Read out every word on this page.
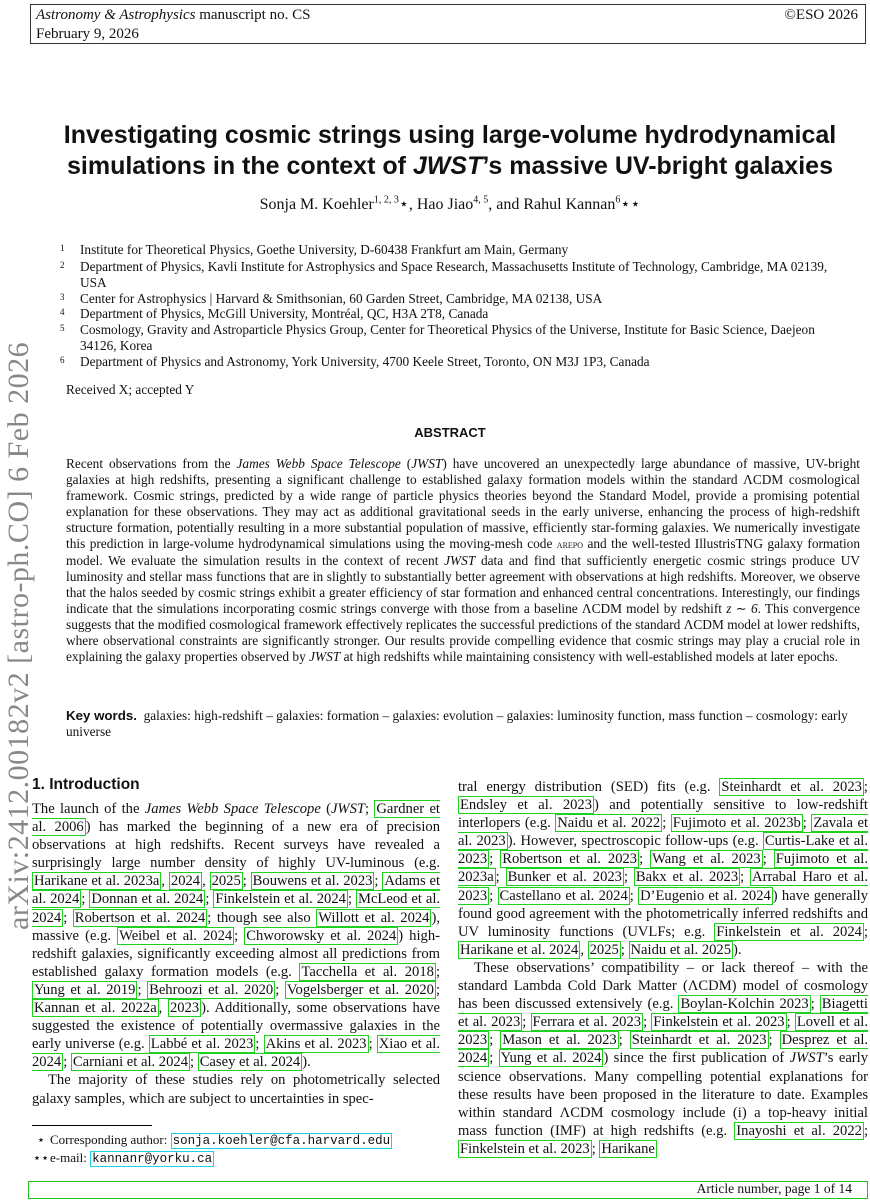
Astronomy & Astrophysics manuscript no. CS
February 9, 2026
©ESO 2026
arXiv:2412.00182v2 [astro-ph.CO] 6 Feb 2026
Investigating cosmic strings using large-volume hydrodynamical
simulations in the context of JWST’s massive UV-bright galaxies
Sonja M. Koehler$^{1, 2, 3}$⋆, Hao Jiao$^{4, 5}$, and Rahul Kannan$^6$⋆⋆
1 Institute for Theoretical Physics, Goethe University, D-60438 Frankfurt am Main, Germany
2 Department of Physics, Kavli Institute for Astrophysics and Space Research, Massachusetts Institute of Technology, Cambridge, MA 02139, USA
3 Center for Astrophysics | Harvard & Smithsonian, 60 Garden Street, Cambridge, MA 02138, USA
4 Department of Physics, McGill University, Montréal, QC, H3A 2T8, Canada
5 Cosmology, Gravity and Astroparticle Physics Group, Center for Theoretical Physics of the Universe, Institute for Basic Science, Daejeon 34126, Korea
6 Department of Physics and Astronomy, York University, 4700 Keele Street, Toronto, ON M3J 1P3, Canada
Received X; accepted Y
ABSTRACT
Recent observations from the James Webb Space Telescope (JWST) have uncovered an unexpectedly large abundance of massive, UV-bright galaxies at high redshifts, presenting a significant challenge to established galaxy formation models within the standard ΛCDM cosmological framework. Cosmic strings, predicted by a wide range of particle physics theories beyond the Standard Model, provide a promising potential explanation for these observations. They may act as additional gravitational seeds in the early universe, enhancing the process of high-redshift structure formation, potentially resulting in a more substantial population of massive, efficiently star-forming galaxies. We numerically investigate this prediction in large-volume hydrodynamical simulations using the moving-mesh code arepo and the well-tested IllustrisTNG galaxy formation model. We evaluate the simulation results in the context of recent JWST data and find that sufficiently energetic cosmic strings produce UV luminosity and stellar mass functions that are in slightly to substantially better agreement with observations at high redshifts. Moreover, we observe that the halos seeded by cosmic strings exhibit a greater efficiency of star formation and enhanced central concentrations. Interestingly, our findings indicate that the simulations incorporating cosmic strings converge with those from a baseline ΛCDM model by redshift z ∼ 6. This convergence suggests that the modified cosmological framework effectively replicates the successful predictions of the standard ΛCDM model at lower redshifts, where observational constraints are significantly stronger. Our results provide compelling evidence that cosmic strings may play a crucial role in explaining the galaxy properties observed by JWST at high redshifts while maintaining consistency with well-established models at later epochs.
Key words. galaxies: high-redshift – galaxies: formation – galaxies: evolution – galaxies: luminosity function, mass function – cosmology: early universe
1. Introduction

The launch of the James Webb Space Telescope (JWST; Gardner et al. 2006 ) has marked the beginning of a new era of precision observations at high redshifts. Recent surveys have revealed a surprisingly large number density of highly UV-luminous (e.g. Harikane et al. 2023a , 2024 , 2025 ; Bouwens et al. 2023 ; Adams et al. 2024 ; Donnan et al. 2024 ; Finkelstein et al. 2024 ; McLeod et al. 2024 ; Robertson et al. 2024 ; though see also Willott et al. 2024 ), massive (e.g. Weibel et al. 2024 ; Chworowsky et al. 2024 ) high-redshift galaxies, significantly exceeding almost all predictions from established galaxy formation models (e.g. Tacchella et al. 2018 ; Yung et al. 2019 ; Behroozi et al. 2020 ; Vogelsberger et al. 2020 ; Kannan et al. 2022a , 2023 ). Additionally, some observations have suggested the existence of potentially overmassive galaxies in the early universe (e.g. Labbé et al. 2023 ; Akins et al. 2023 ; Xiao et al. 2024 ; Carniani et al. 2024 ; Casey et al. 2024 ).

The majority of these studies rely on photometrically selected galaxy samples, which are subject to uncertainties in spec-

tral energy distribution (SED) fits (e.g. Steinhardt et al. 2023 ; Endsley et al. 2023 ) and potentially sensitive to low-redshift interlopers (e.g. Naidu et al. 2022 ; Fujimoto et al. 2023b ; Zavala et al. 2023 ). However, spectroscopic follow-ups (e.g. Curtis-Lake et al. 2023 ; Robertson et al. 2023 ; Wang et al. 2023 ; Fujimoto et al. 2023a ; Bunker et al. 2023 ; Bakx et al. 2023 ; Arrabal Haro et al. 2023 ; Castellano et al. 2024 ; D’Eugenio et al. 2024 ) have generally found good agreement with the photometrically inferred redshifts and UV luminosity functions (UVLFs; e.g. Finkelstein et al. 2024 ; Harikane et al. 2024 , 2025 ; Naidu et al. 2025 ).

These observations’ compatibility – or lack thereof – with the standard Lambda Cold Dark Matter (ΛCDM) model of cosmology has been discussed extensively (e.g. Boylan-Kolchin 2023 ; Biagetti et al. 2023 ; Ferrara et al. 2023 ; Finkelstein et al. 2023 ; Lovell et al. 2023 ; Mason et al. 2023 ; Steinhardt et al. 2023 ; Desprez et al. 2024 ; Yung et al. 2024 ) since the first publication of JWST’s early science observations. Many compelling potential explanations for these results have been proposed in the literature to date. Examples within standard ΛCDM cosmology include (i) a top-heavy initial mass function (IMF) at high redshifts (e.g. Inayoshi et al. 2022 ; Finkelstein et al. 2023 ; Harikane

⋆ Corresponding author: sonja.koehler@cfa.harvard.edu
⋆⋆e-mail: kannanr@yorku.ca
Article number, page 1 of 14
